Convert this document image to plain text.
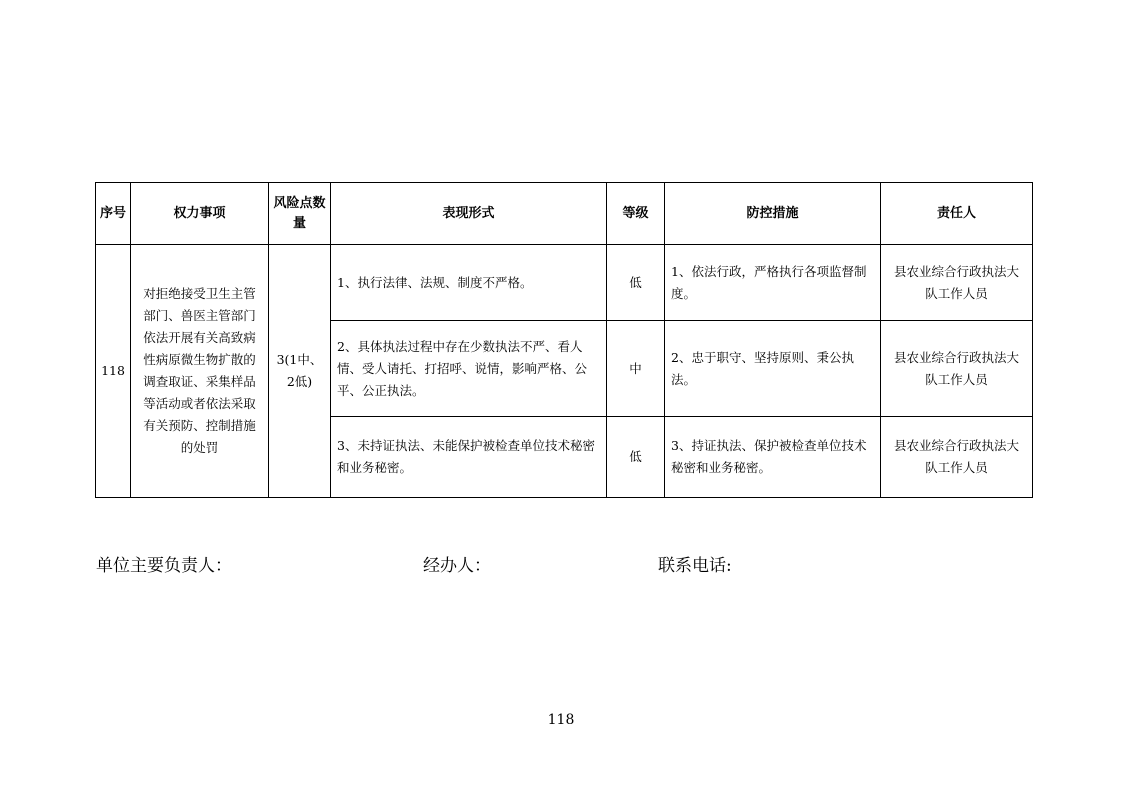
序号	权力事项	风险点数量	表现形式	等级	防控措施	责任人
118	对拒绝接受卫生主管部门、兽医主管部门依法开展有关高致病性病原微生物扩散的调查取证、采集样品等活动或者依法采取有关预防、控制措施的处罚	3(1中、2低)	1、执行法律、法规、制度不严格。	低	1、依法行政，严格执行各项监督制度。	县农业综合行政执法大队工作人员
			2、具体执法过程中存在少数执法不严、看人情、受人请托、打招呼、说情，影响严格、公平、公正执法。	中	2、忠于职守、坚持原则、秉公执法。	县农业综合行政执法大队工作人员
			3、未持证执法、未能保护被检查单位技术秘密和业务秘密。	低	3、持证执法、保护被检查单位技术秘密和业务秘密。	县农业综合行政执法大队工作人员
单位主要负责人：	经办人：	联系电话:
118
